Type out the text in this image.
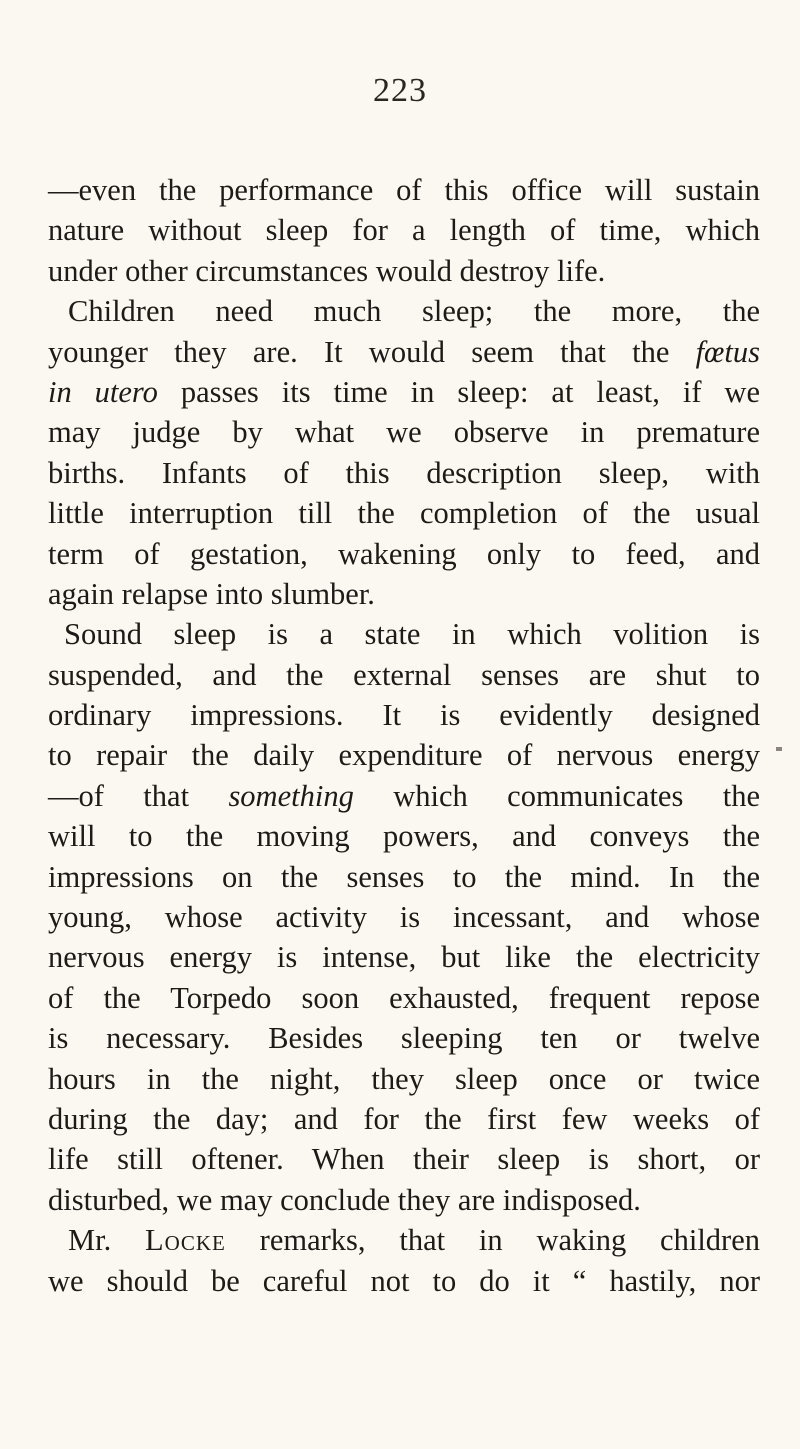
223
—even the performance of this office will sustain
nature without sleep for a length of time, which
under other circumstances would destroy life.
Children need much sleep; the more, the
younger they are. It would seem that the fœtus
in utero passes its time in sleep: at least, if we
may judge by what we observe in premature
births. Infants of this description sleep, with
little interruption till the completion of the usual
term of gestation, wakening only to feed, and
again relapse into slumber.
Sound sleep is a state in which volition is
suspended, and the external senses are shut to
ordinary impressions. It is evidently designed
to repair the daily expenditure of nervous energy
—of that something which communicates the
will to the moving powers, and conveys the
impressions on the senses to the mind. In the
young, whose activity is incessant, and whose
nervous energy is intense, but like the electricity
of the Torpedo soon exhausted, frequent repose
is necessary. Besides sleeping ten or twelve
hours in the night, they sleep once or twice
during the day; and for the first few weeks of
life still oftener. When their sleep is short, or
disturbed, we may conclude they are indisposed.
Mr. Locke remarks, that in waking children
we should be careful not to do it “ hastily, nor
